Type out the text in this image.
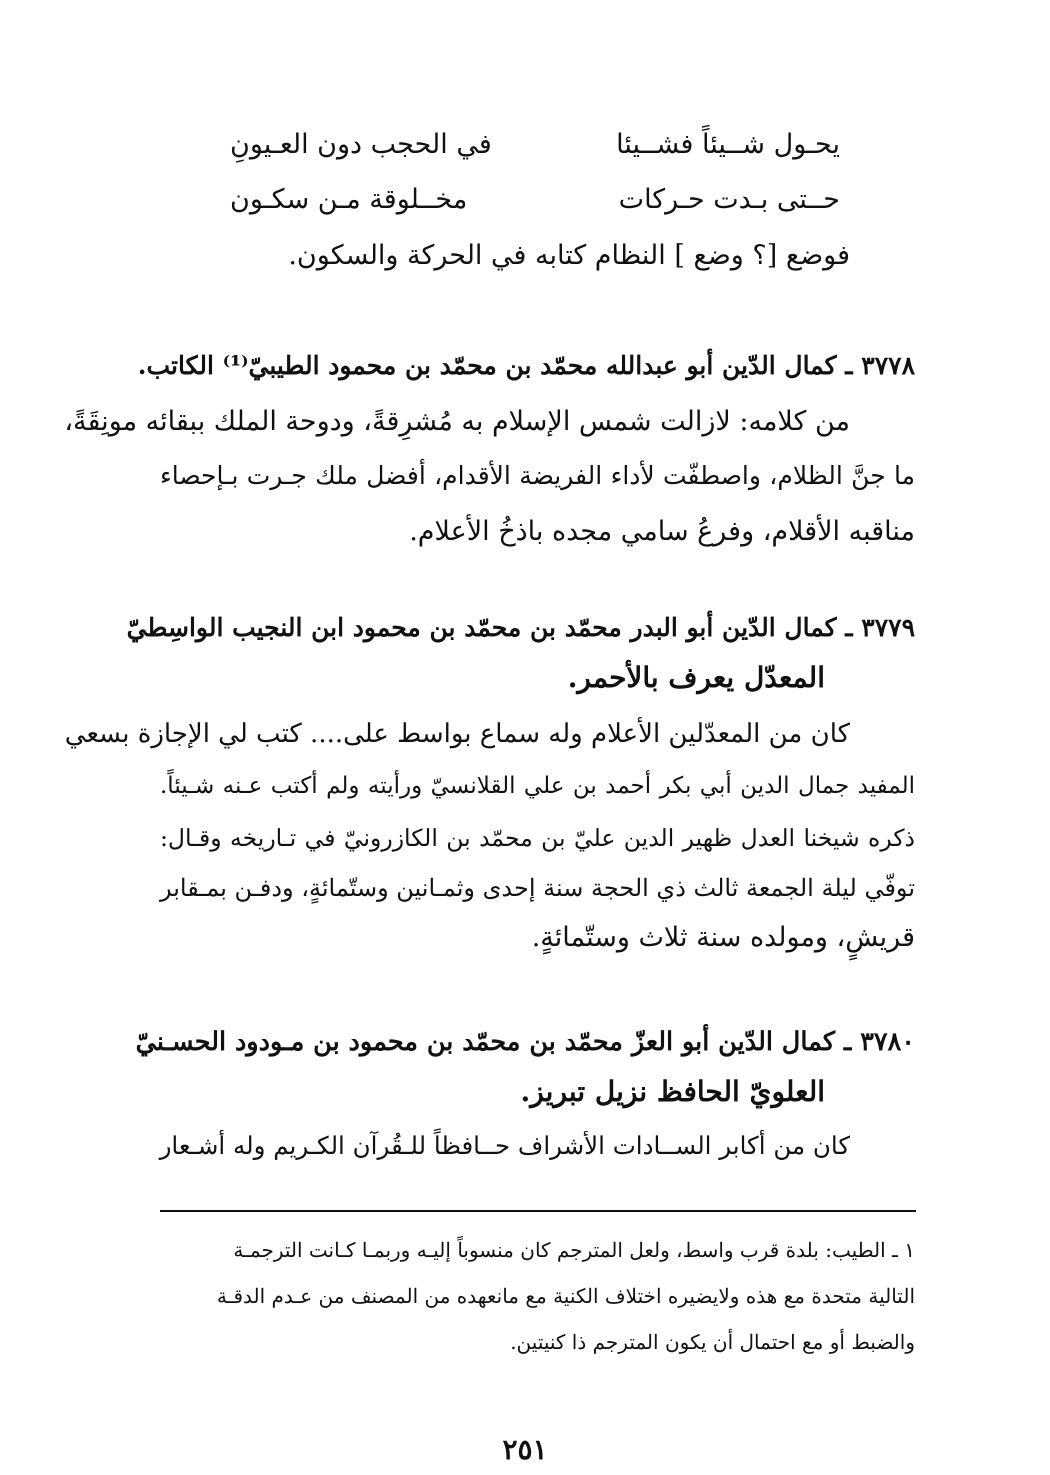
يحـول شــيئاً فشــيئا
في الحجب دون العـيونِ
حــتى بـدت حـركات
مخــلوقة مـن سكـون
فوضع [؟ وضع ] النظام كتابه في الحركة والسكون.
٣٧٧٨ ـ كمال الدّين أبو عبدالله محمّد بن محمّد بن محمود الطيبيّ⁽¹⁾ الكاتب.
من كلامه: لازالت شمس الإسلام به مُشرِقةً، ودوحة الملك ببقائه مونِقَةً،
ما جنَّ الظلام، واصطفّت لأداء الفريضة الأقدام، أفضل ملك جـرت بـإحصاء
مناقبه الأقلام، وفرعُ سامي مجده باذخُ الأعلام.
٣٧٧٩ ـ كمال الدّين أبو البدر محمّد بن محمّد بن محمود ابن النجيب الواسِطيّ
المعدّل يعرف بالأحمر.
كان من المعدّلين الأعلام وله سماع بواسط على.... كتب لي الإجازة بسعي
المفيد جمال الدين أبي بكر أحمد بن علي القلانسيّ ورأيته ولم أكتب عـنه شـيئاً.
ذكره شيخنا العدل ظهير الدين عليّ بن محمّد بن الكازرونيّ في تـاريخه وقـال:
توفّي ليلة الجمعة ثالث ذي الحجة سنة إحدى وثمـانين وستّمائةٍ، ودفـن بمـقابر
قريشٍ، ومولده سنة ثلاث وستّمائةٍ.
٣٧٨٠ ـ كمال الدّين أبو العزّ محمّد بن محمّد بن محمود بن مـودود الحسـنيّ
العلويّ الحافظ نزيل تبريز.
كان من أكابر الســادات الأشراف حــافظاً للـقُرآن الكـريم وله أشـعار
١ ـ الطيب: بلدة قرب واسط، ولعل المترجم كان منسوباً إليـه وربمـا كـانت الترجمـة
التالية متحدة مع هذه ولايضيره اختلاف الكنية مع مانعهده من المصنف من عـدم الدقـة
والضبط أو مع احتمال أن يكون المترجم ذا كنيتين.
٢٥١
